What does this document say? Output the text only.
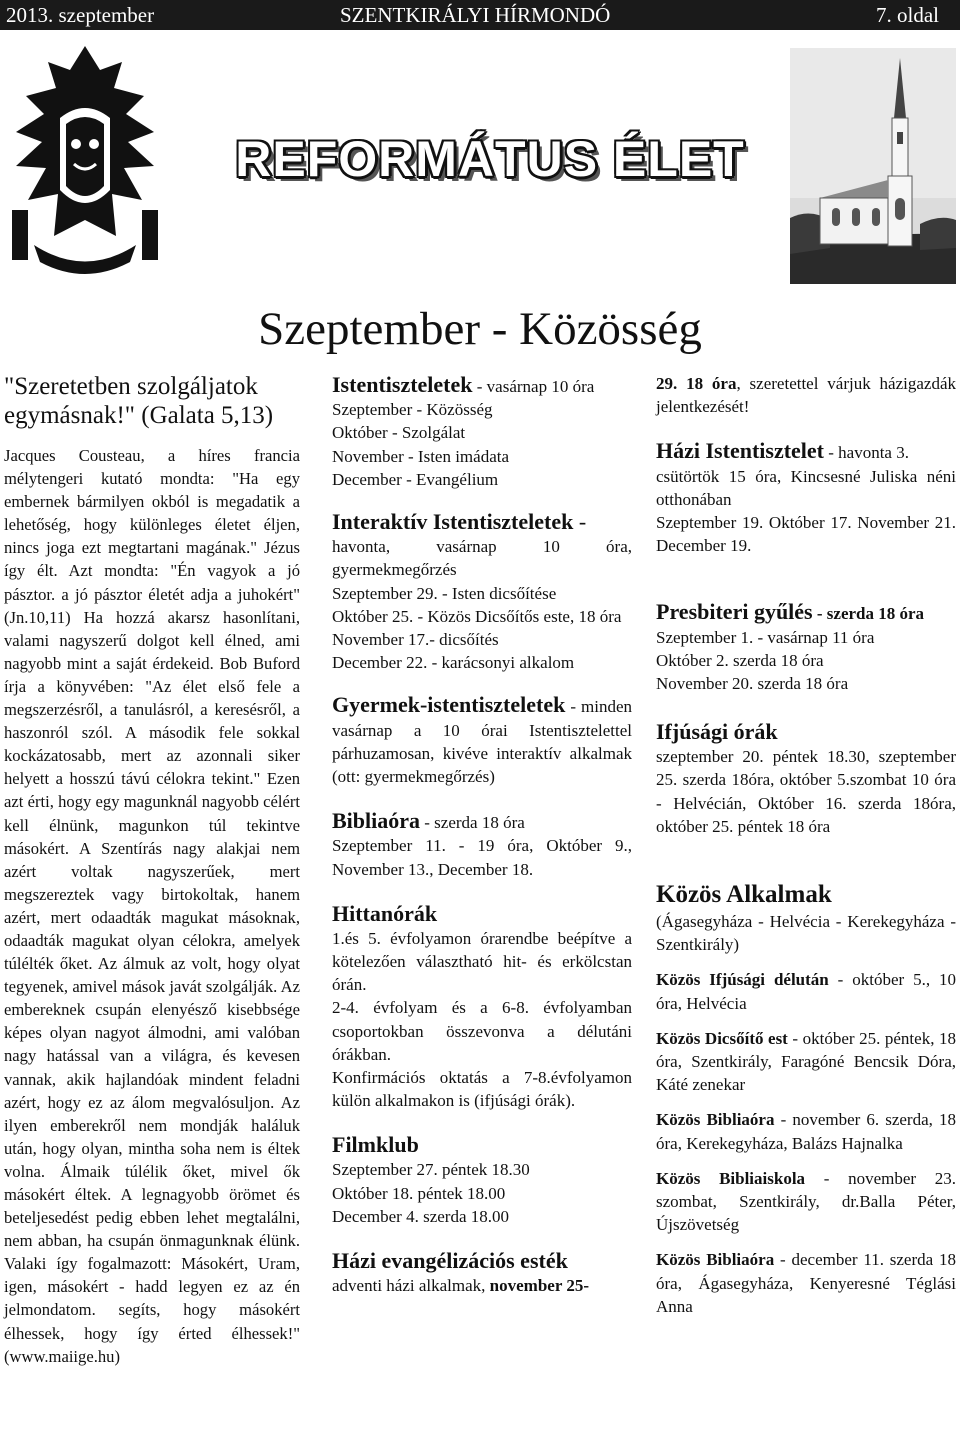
2013. szeptember	SZENTKIRÁLYI HÍRMONDÓ	7. oldal
REFORMÁTUS ÉLET
Szeptember - Közösség
"Szeretetben szolgáljatok egymásnak!" (Galata 5,13)
Jacques Cousteau, a híres francia mélytengeri kutató mondta: "Ha egy embernek bármilyen okból is megadatik a lehetőség, hogy különleges életet éljen, nincs joga ezt megtartani magának." Jézus így élt. Azt mondta: "Én vagyok a jó pásztor. a jó pásztor életét adja a juhokért" (Jn.10,11) Ha hozzá akarsz hasonlítani, valami nagyszerű dolgot kell élned, ami nagyobb mint a saját érdekeid. Bob Buford írja a könyvében: "Az élet első fele a megszerzésről, a tanulásról, a keresésről, a haszonról szól. A második fele sokkal kockázatosabb, mert az azonnali siker helyett a hosszú távú célokra tekint." Ezen azt érti, hogy egy magunknál nagyobb célért kell élnünk, magunkon túl tekintve másokért. A Szentírás nagy alakjai nem azért voltak nagyszerűek, mert megszereztek vagy birtokoltak, hanem azért, mert odaadták magukat másoknak, odaadták magukat olyan célokra, amelyek túlélték őket. Az álmuk az volt, hogy olyat tegyenek, amivel mások javát szolgálják. Az embereknek csupán elenyésző kisebbsége képes olyan nagyot álmodni, ami valóban nagy hatással van a világra, és kevesen vannak, akik hajlandóak mindent feladni azért, hogy ez az álom megvalósuljon. Az ilyen emberekről nem mondják haláluk után, hogy olyan, mintha soha nem is éltek volna. Álmaik túlélik őket, mivel ők másokért éltek. A legnagyobb örömet és beteljesedést pedig ebben lehet megtalálni, nem abban, ha csupán önmagunknak élünk. Valaki így fogalmazott: Másokért, Uram, igen, másokért - hadd legyen ez az én jelmondatom. segíts, hogy másokért élhessek, hogy így érted élhessek!" (www.maiige.hu)
Istentiszteletek - vasárnap 10 óra
Szeptember - Közösség
Október - Szolgálat
November - Isten imádata
December - Evangélium
Interaktív Istentiszteletek -
havonta, vasárnap 10 óra, gyermekmegőrzés
Szeptember 29. - Isten dicsőítése
Október 25. - Közös Dicsőítős este, 18 óra
November 17.- dicsőítés
December 22. - karácsonyi alkalom
Gyermek-istentiszteletek - minden vasárnap a 10 órai Istentisztelettel párhuzamosan, kivéve interaktív alkalmak (ott: gyermekmegőrzés)
Bibliaóra - szerda 18 óra
Szeptember 11. - 19 óra, Október 9., November 13., December 18.
Hittanórák
1.és 5. évfolyamon órarendbe beépítve a kötelezően választható hit- és erkölcstan órán.
2-4. évfolyam és a 6-8. évfolyamban csoportokban összevonva a délutáni órákban.
Konfirmációs oktatás a 7-8.évfolyamon külön alkalmakon is (ifjúsági órák).
Filmklub
Szeptember 27. péntek 18.30
Október 18. péntek 18.00
December 4. szerda 18.00
Házi evangélizációs esték
adventi házi alkalmak, november 25-
29. 18 óra, szeretettel várjuk házigazdák jelentkezését!
Házi Istentisztelet - havonta 3.
csütörtök 15 óra, Kincsesné Juliska néni otthonában
Szeptember 19. Október 17. November 21. December 19.
Presbiteri gyűlés - szerda 18 óra
Szeptember 1. - vasárnap 11 óra
Október 2. szerda 18 óra
November 20. szerda 18 óra
Ifjúsági órák
szeptember 20. péntek 18.30, szeptember 25. szerda 18óra, október 5.szombat 10 óra - Helvécián, Október 16. szerda 18óra, október 25. péntek 18 óra
Közös Alkalmak
(Ágasegyháza - Helvécia - Kerekegyháza - Szentkirály)
Közös Ifjúsági délután - október 5., 10 óra, Helvécia
Közös Dicsőítő est - október 25. péntek, 18 óra, Szentkirály, Faragóné Bencsik Dóra, Káté zenekar
Közös Bibliaóra - november 6. szerda, 18 óra, Kerekegyháza, Balázs Hajnalka
Közös Bibliaiskola - november 23. szombat, Szentkirály, dr.Balla Péter, Újszövetség
Közös Bibliaóra - december 11. szerda 18 óra, Ágasegyháza, Kenyeresné Téglási Anna
